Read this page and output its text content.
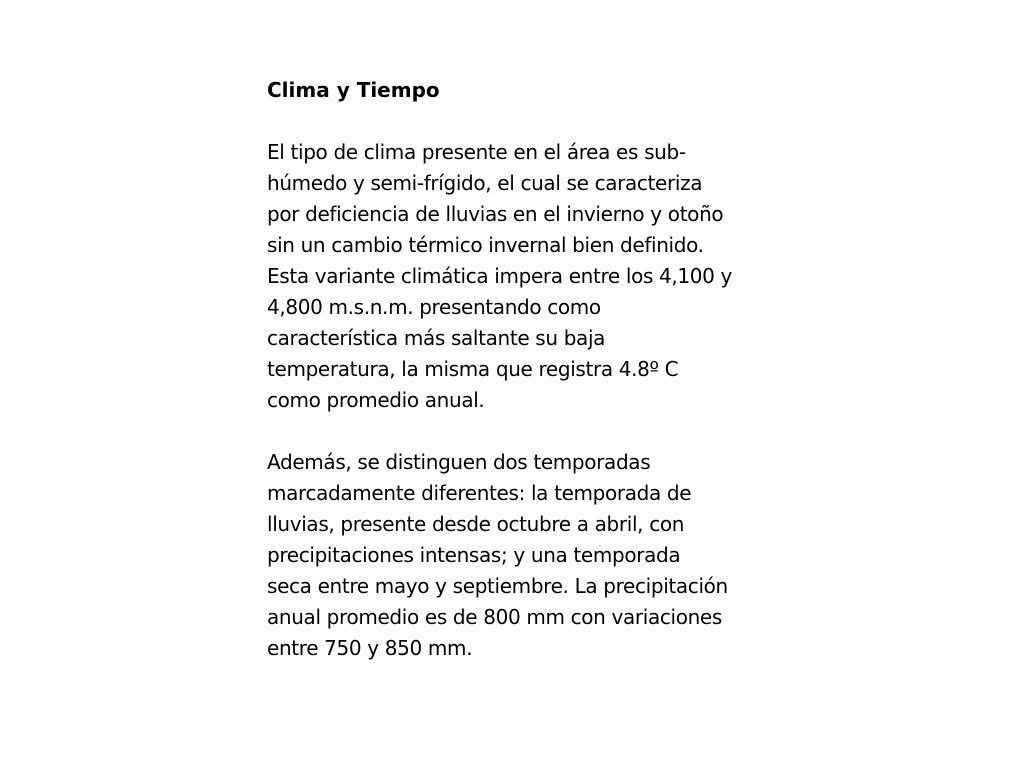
Clima y Tiempo
El tipo de clima presente en el área es sub-
húmedo y semi-frígido, el cual se caracteriza
por deficiencia de lluvias en el invierno y otoño
sin un cambio térmico invernal bien definido.
Esta variante climática impera entre los 4,100 y
4,800 m.s.n.m. presentando como
característica más saltante su baja
temperatura, la misma que registra 4.8º C
como promedio anual.
Además, se distinguen dos temporadas
marcadamente diferentes: la temporada de
lluvias, presente desde octubre a abril, con
precipitaciones intensas; y una temporada
seca entre mayo y septiembre. La precipitación
anual promedio es de 800 mm con variaciones
entre 750 y 850 mm.
